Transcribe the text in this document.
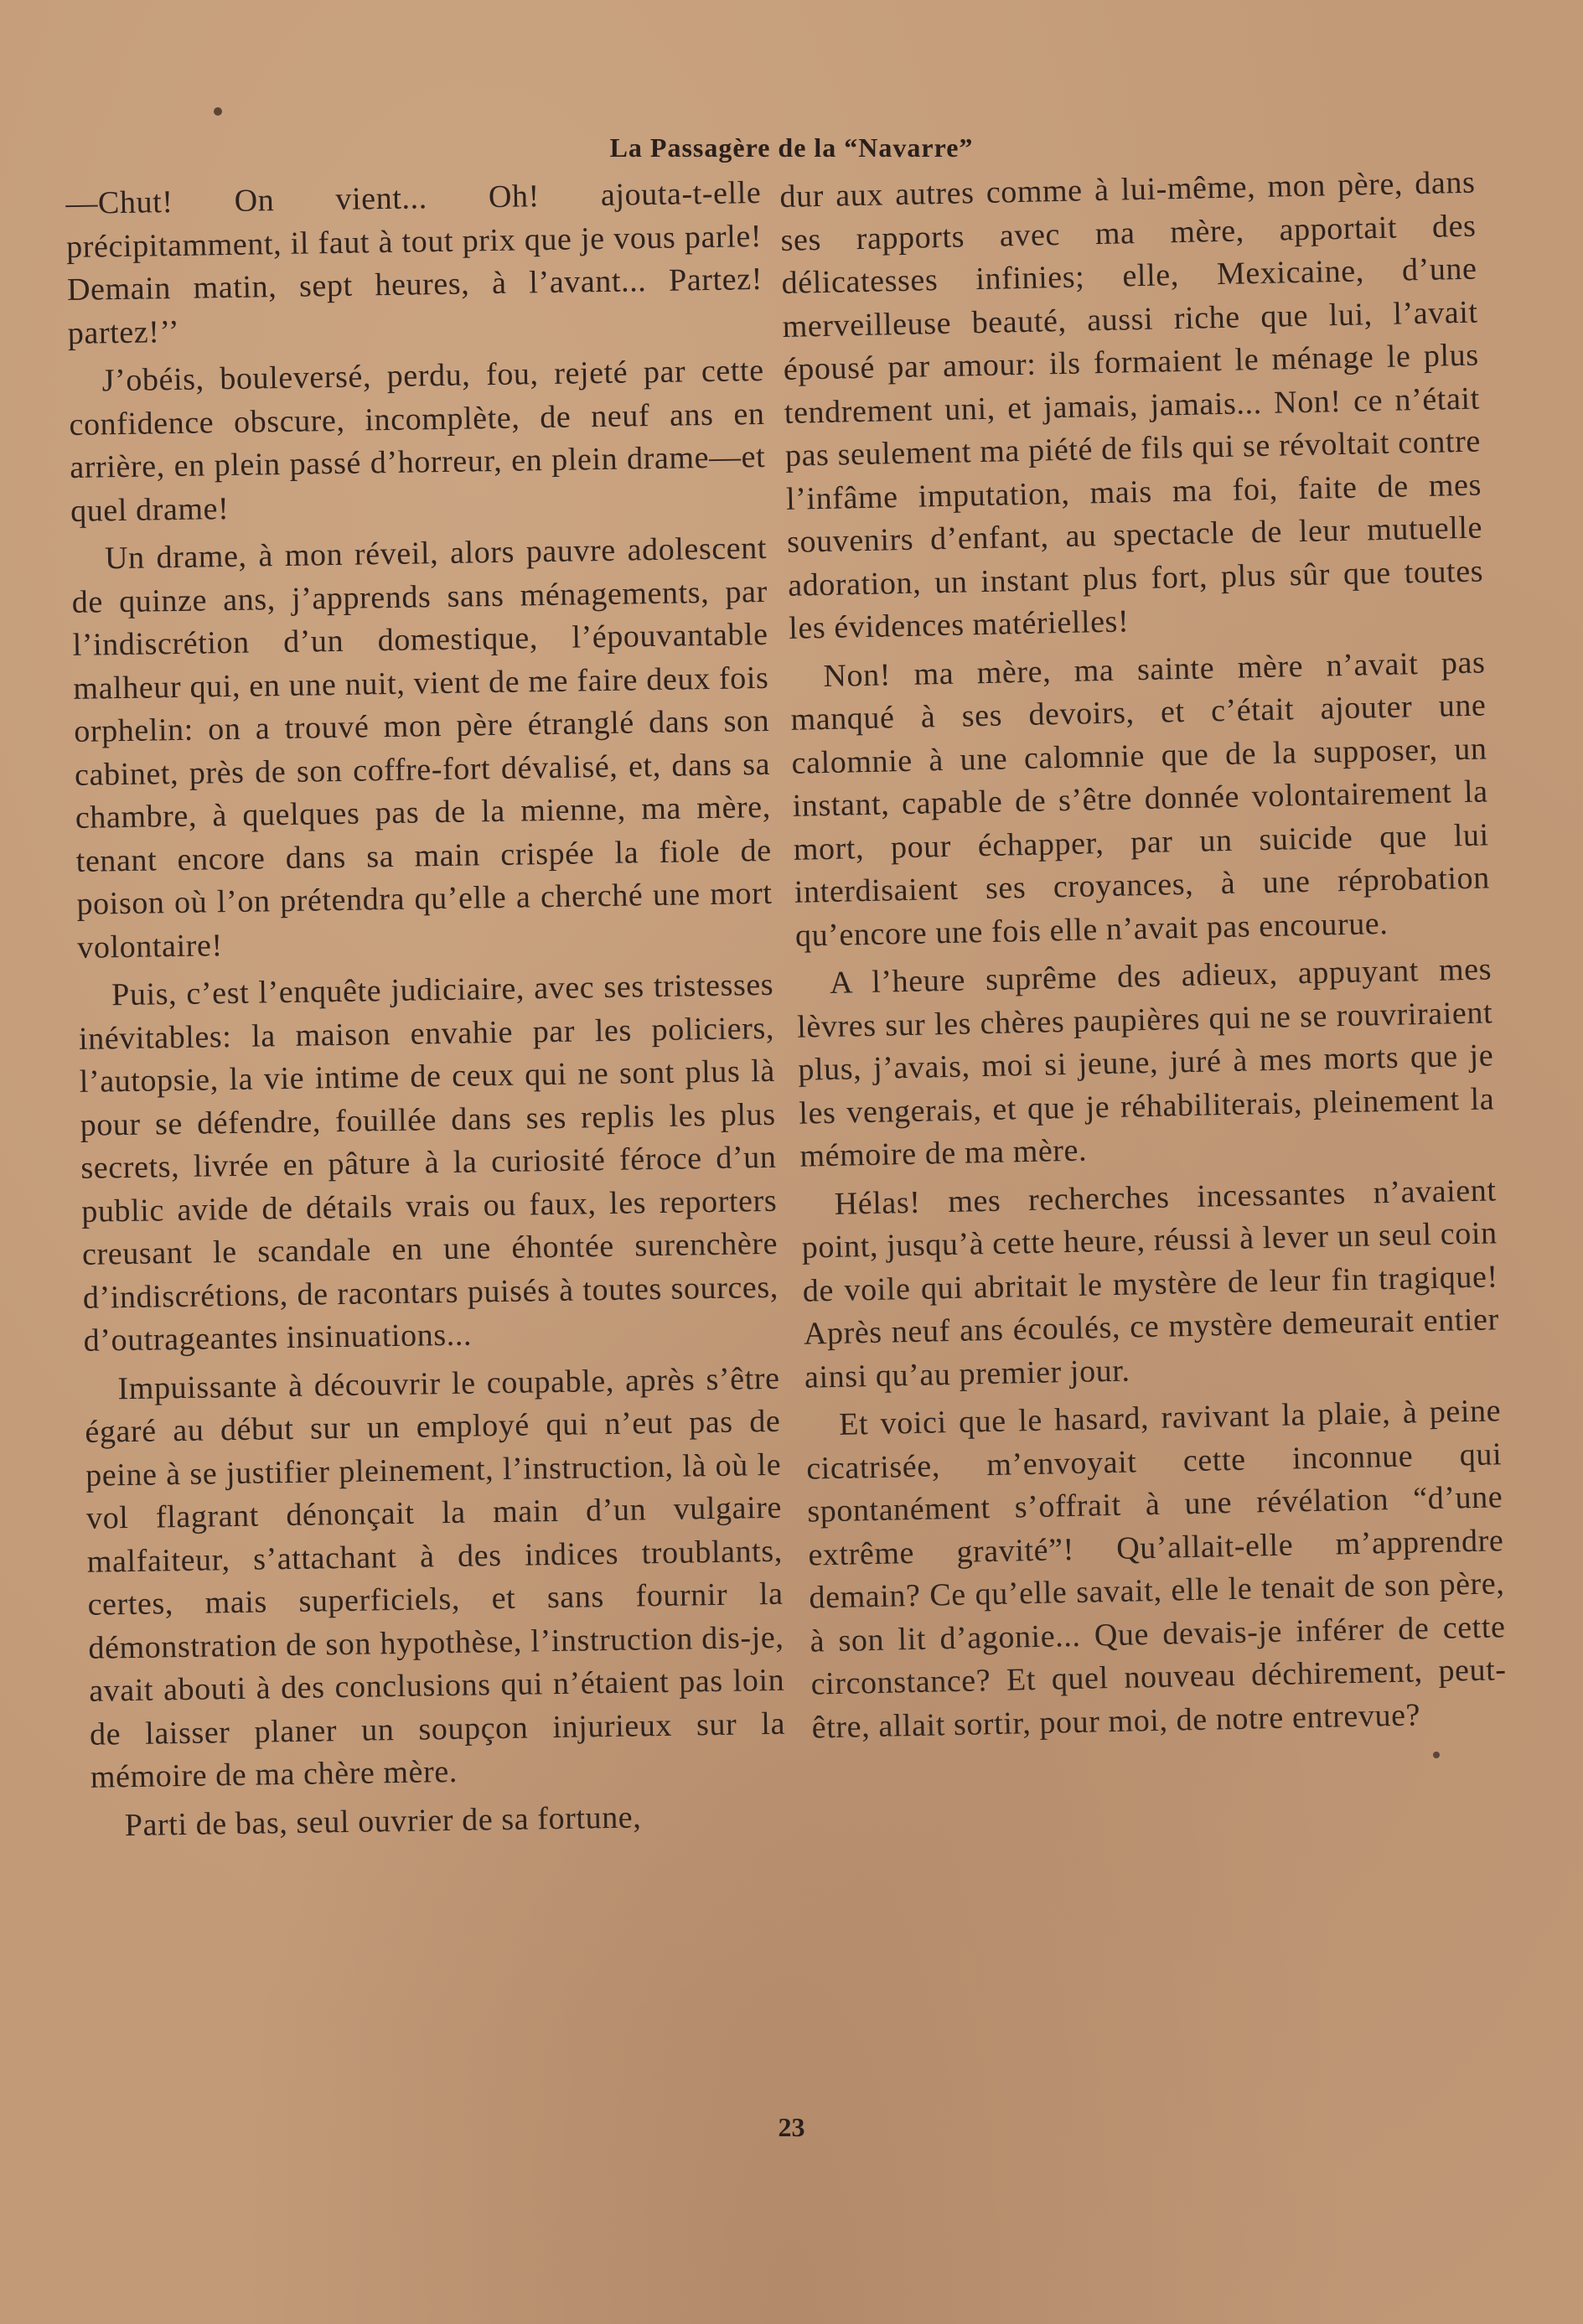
La Passagère de la “Navarre”

—Chut! On vient... Oh! ajouta-t-elle précipitamment, il faut à tout prix que je vous parle! Demain matin, sept heures, à l’avant... Partez! partez!’’

J’obéis, bouleversé, perdu, fou, rejeté par cette confidence obscure, incomplète, de neuf ans en arrière, en plein passé d’horreur, en plein drame—et quel drame!

Un drame, à mon réveil, alors pauvre adolescent de quinze ans, j’apprends sans ménagements, par l’indiscrétion d’un domestique, l’épouvantable malheur qui, en une nuit, vient de me faire deux fois orphelin: on a trouvé mon père étranglé dans son cabinet, près de son coffre-fort dévalisé, et, dans sa chambre, à quelques pas de la mienne, ma mère, tenant encore dans sa main crispée la fiole de poison où l’on prétendra qu’elle a cherché une mort volontaire!

Puis, c’est l’enquête judiciaire, avec ses tristesses inévitables: la maison envahie par les policiers, l’autopsie, la vie intime de ceux qui ne sont plus là pour se défendre, fouillée dans ses replis les plus secrets, livrée en pâture à la curiosité féroce d’un public avide de détails vrais ou faux, les reporters creusant le scandale en une éhontée surenchère d’indiscrétions, de racontars puisés à toutes sources, d’outrageantes insinuations...

Impuissante à découvrir le coupable, après s’être égaré au début sur un employé qui n’eut pas de peine à se justifier pleinement, l’instruction, là où le vol flagrant dénonçait la main d’un vulgaire malfaiteur, s’attachant à des indices troublants, certes, mais superficiels, et sans fournir la démonstration de son hypothèse, l’instruction dis-je, avait abouti à des conclusions qui n’étaient pas loin de laisser planer un soupçon injurieux sur la mémoire de ma chère mère.

Parti de bas, seul ouvrier de sa fortune,

dur aux autres comme à lui-même, mon père, dans ses rapports avec ma mère, apportait des délicatesses infinies; elle, Mexicaine, d’une merveilleuse beauté, aussi riche que lui, l’avait épousé par amour: ils formaient le ménage le plus tendrement uni, et jamais, jamais... Non! ce n’était pas seulement ma piété de fils qui se révoltait contre l’infâme imputation, mais ma foi, faite de mes souvenirs d’enfant, au spectacle de leur mutuelle adoration, un instant plus fort, plus sûr que toutes les évidences matérielles!

Non! ma mère, ma sainte mère n’avait pas manqué à ses devoirs, et c’était ajouter une calomnie à une calomnie que de la supposer, un instant, capable de s’être donnée volontairement la mort, pour échapper, par un suicide que lui interdisaient ses croyances, à une réprobation qu’encore une fois elle n’avait pas encourue.

A l’heure suprême des adieux, appuyant mes lèvres sur les chères paupières qui ne se rouvriraient plus, j’avais, moi si jeune, juré à mes morts que je les vengerais, et que je réhabiliterais, pleinement la mémoire de ma mère.

Hélas! mes recherches incessantes n’avaient point, jusqu’à cette heure, réussi à lever un seul coin de voile qui abritait le mystère de leur fin tragique! Après neuf ans écoulés, ce mystère demeurait entier ainsi qu’au premier jour.

Et voici que le hasard, ravivant la plaie, à peine cicatrisée, m’envoyait cette inconnue qui spontanément s’offrait à une révélation “d’une extrême gravité”! Qu’allait-elle m’apprendre demain? Ce qu’elle savait, elle le tenait de son père, à son lit d’agonie... Que devais-je inférer de cette circonstance? Et quel nouveau déchirement, peut-être, allait sortir, pour moi, de notre entrevue?

23
